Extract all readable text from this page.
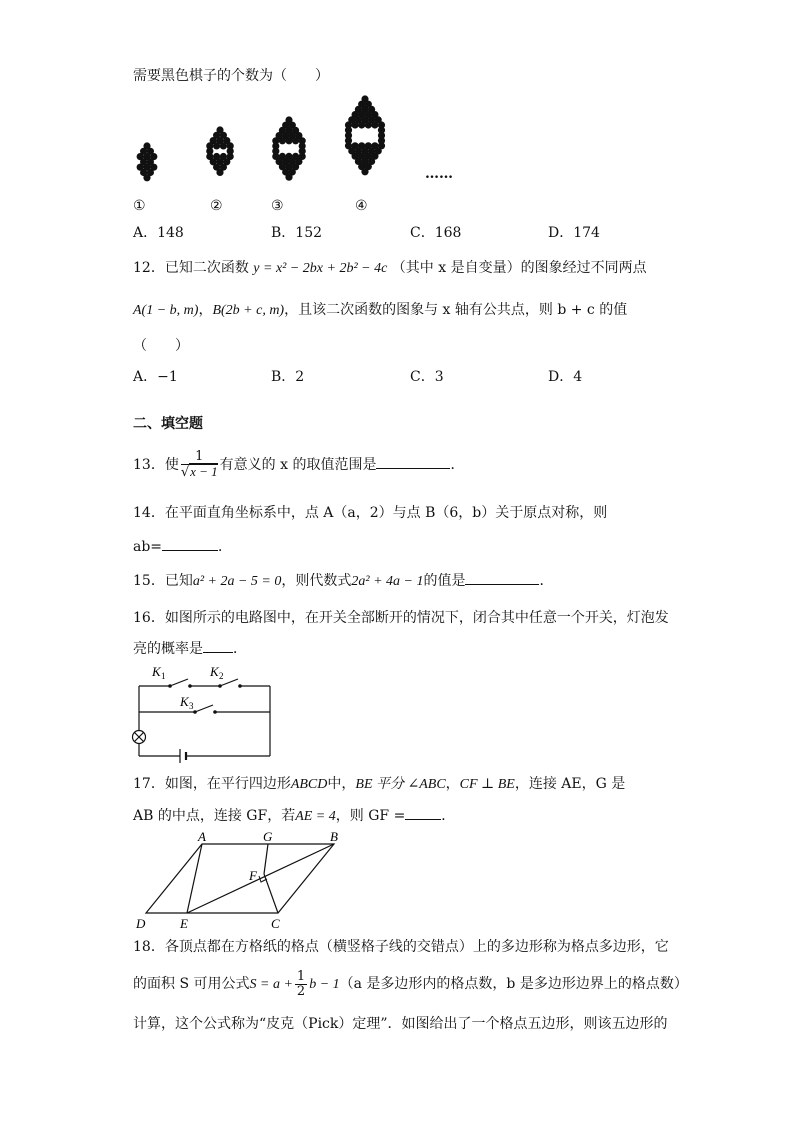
需要黑色棋子的个数为（　　）
①	②	③	④
……
A．148	B．152	C．168	D．174
12．已知二次函数 y = x² − 2bx + 2b² − 4c （其中 x 是自变量）的图象经过不同两点
A(1 − b, m)，B(2b + c, m)，且该二次函数的图象与 x 轴有公共点，则 b + c 的值
（　　）
A．−1	B．2	C．3	D．4
二、填空题
13．使 $\frac{1}{√x - 1}$ 有意义的 x 的取值范围是	．
14．在平面直角坐标系中，点 A（a，2）与点 B（6，b）关于原点对称，则
ab=	．
15．已知a² + 2a − 5 = 0，则代数式2a² + 4a − 1的值是	．
16．如图所示的电路图中，在开关全部断开的情况下，闭合其中任意一个开关，灯泡发
亮的概率是 ．
K 1	K 2
K 3
17．如图，在平行四边形ABCD中，BE 平分 ∠ABC，CF ⊥ BE，连接 AE，G 是
AB 的中点，连接 GF，若AE = 4，则 GF =	．
A	G	B
F
D	E	C
18．各顶点都在方格纸的格点（横竖格子线的交错点）上的多边形称为格点多边形，它
的面积 S 可用公式$S = a + \frac{1}{2}$ b − 1（a 是多边形内的格点数，b 是多边形边界上的格点数）
计算，这个公式称为“皮克（Pick）定理”．如图给出了一个格点五边形，则该五边形的
